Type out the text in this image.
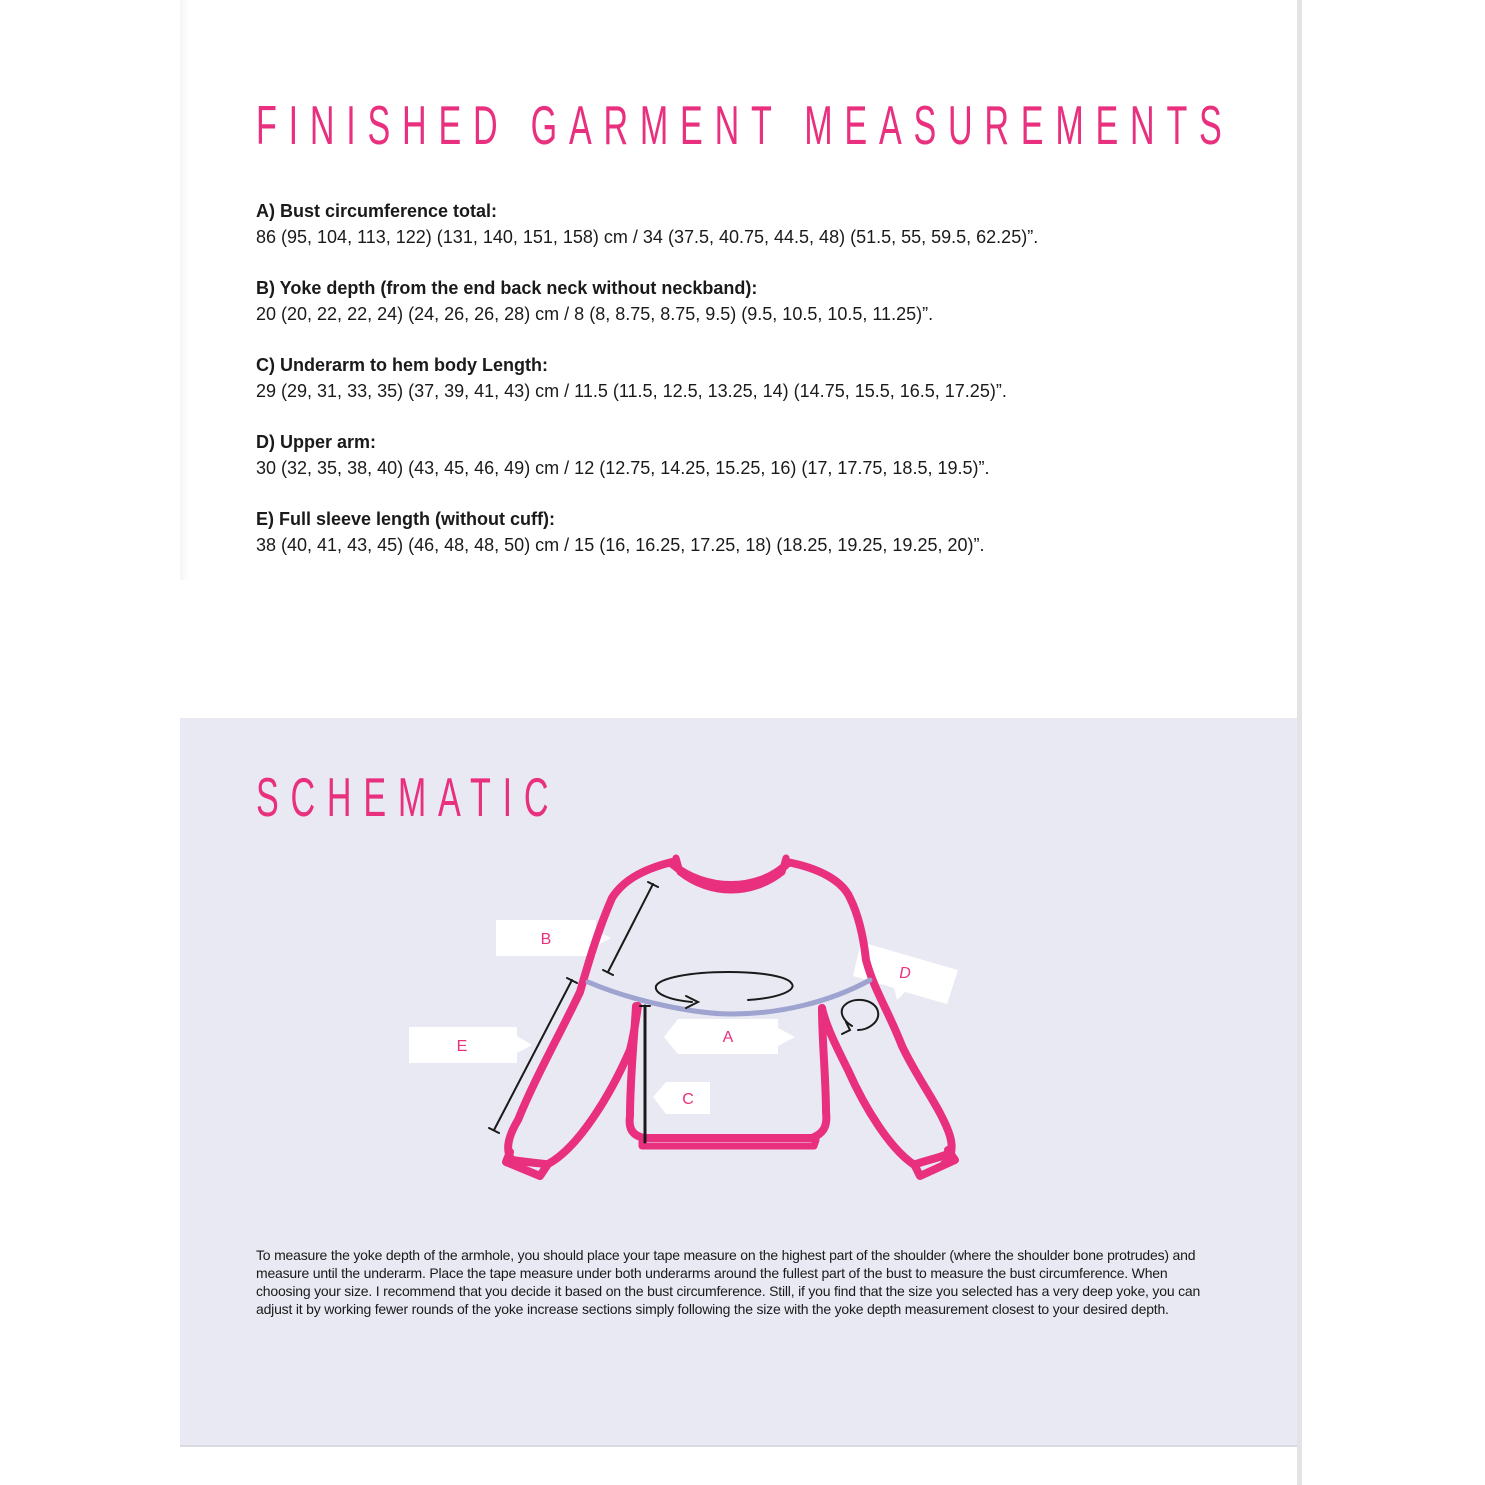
FINISHED GARMENT MEASUREMENTS
A) Bust circumference total:
86 (95, 104, 113, 122) (131, 140, 151, 158) cm / 34 (37.5, 40.75, 44.5, 48) (51.5, 55, 59.5, 62.25)”.
B) Yoke depth (from the end back neck without neckband):
20 (20, 22, 22, 24) (24, 26, 26, 28) cm / 8 (8, 8.75, 8.75, 9.5) (9.5, 10.5, 10.5, 11.25)”.
C) Underarm to hem body Length:
29 (29, 31, 33, 35) (37, 39, 41, 43) cm / 11.5 (11.5, 12.5, 13.25, 14) (14.75, 15.5, 16.5, 17.25)”.
D) Upper arm:
30 (32, 35, 38, 40) (43, 45, 46, 49) cm / 12 (12.75, 14.25, 15.25, 16) (17, 17.75, 18.5, 19.5)”.
E) Full sleeve length (without cuff):
38 (40, 41, 43, 45) (46, 48, 48, 50) cm / 15 (16, 16.25, 17.25, 18) (18.25, 19.25, 19.25, 20)”.
SCHEMATIC
B
E
A
C
D
To measure the yoke depth of the armhole, you should place your tape measure on the highest part of the shoulder (where the shoulder bone protrudes) and measure until the underarm. Place the tape measure under both underarms around the fullest part of the bust to measure the bust circumference. When choosing your size. I recommend that you decide it based on the bust circumference. Still, if you find that the size you selected has a very deep yoke, you can adjust it by working fewer rounds of the yoke increase sections simply following the size with the yoke depth measurement closest to your desired depth.
